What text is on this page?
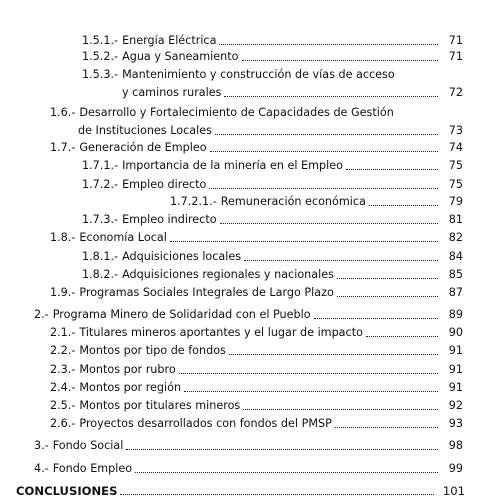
1.5.1.- Energía Eléctrica	71
1.5.2.- Agua y Saneamiento	71
1.5.3.- Mantenimiento y construcción de vías de acceso
y caminos rurales	72
1.6.- Desarrollo y Fortalecimiento de Capacidades de Gestión
de Instituciones Locales	73
1.7.- Generación de Empleo	74
1.7.1.- Importancia de la minería en el Empleo	75
1.7.2.- Empleo directo	75
1.7.2.1.- Remuneración económica	79
1.7.3.- Empleo indirecto	81
1.8.- Economía Local	82
1.8.1.- Adquisiciones locales	84
1.8.2.- Adquisiciones regionales y nacionales	85
1.9.- Programas Sociales Integrales de Largo Plazo	87
2.- Programa Minero de Solidaridad con el Pueblo	89
2.1.- Titulares mineros aportantes y el lugar de impacto	90
2.2.- Montos por tipo de fondos	91
2.3.- Montos por rubro	91
2.4.- Montos por región	91
2.5.- Montos por titulares mineros	92
2.6.- Proyectos desarrollados con fondos del PMSP	93
3.- Fondo Social	98
4.- Fondo Empleo	99
CONCLUSIONES	101
